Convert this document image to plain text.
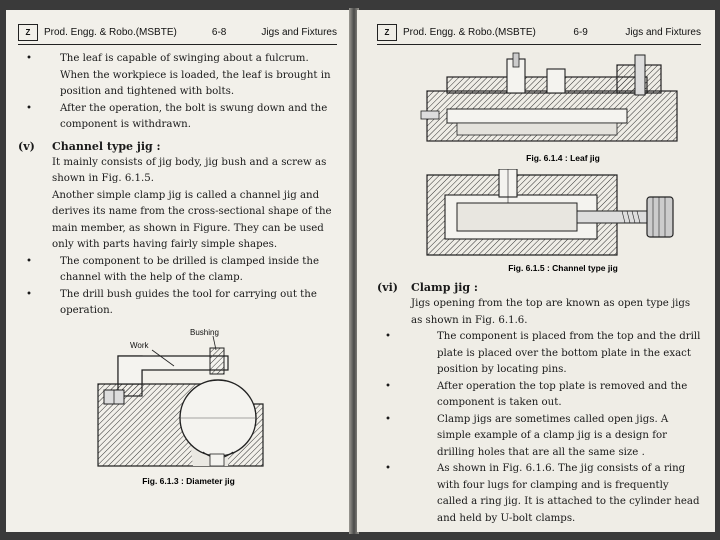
Z	Prod. Engg. & Robo.(MSBTE)	6-8	Jigs and Fixtures

• The leaf is capable of swinging about a fulcrum. When the workpiece is loaded, the leaf is brought in position and tightened with bolts.

• After the operation, the bolt is swung down and the component is withdrawn.

(v)	Channel type jig :

It mainly consists of jig body, jig bush and a screw as shown in Fig. 6.1.5.

Another simple clamp jig is called a channel jig and derives its name from the cross-sectional shape of the main member, as shown in Figure. They can be used only with parts having fairly simple shapes.

• The component to be drilled is clamped inside the channel with the help of the clamp.

• The drill bush guides the tool for carrying out the operation.

Bushing
Work
Fig. 6.1.3 : Diameter jig
Z	Prod. Engg. & Robo.(MSBTE)	6-9	Jigs and Fixtures
Fig. 6.1.4 : Leaf jig
Fig. 6.1.5 : Channel type jig
(vi)	Clamp jig :

Jigs opening from the top are known as open type jigs as shown in Fig. 6.1.6.

• The component is placed from the top and the drill plate is placed over the bottom plate in the exact position by locating pins.

• After operation the top plate is removed and the component is taken out.

• Clamp jigs are sometimes called open jigs. A simple example of a clamp jig is a design for drilling holes that are all the same size .

• As shown in Fig. 6.1.6. The jig consists of a ring with four lugs for clamping and is frequently called a ring jig. It is attached to the cylinder head and held by U-bolt clamps.
